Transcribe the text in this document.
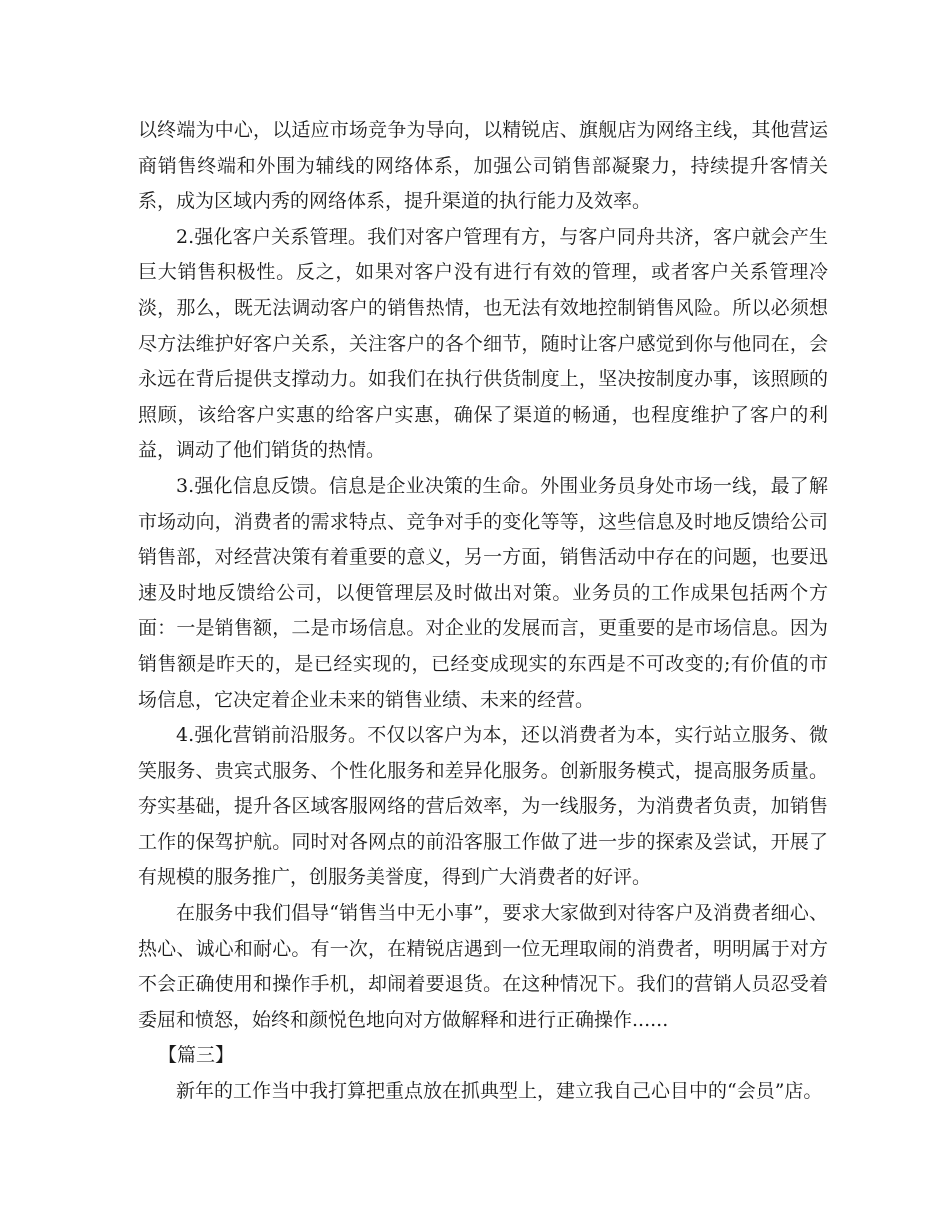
以终端为中心，以适应市场竞争为导向，以精锐店、旗舰店为网络主线，其他营运商销售终端和外围为辅线的网络体系，加强公司销售部凝聚力，持续提升客情关系，成为区域内秀的网络体系，提升渠道的执行能力及效率。

2.强化客户关系管理。我们对客户管理有方，与客户同舟共济，客户就会产生巨大销售积极性。反之，如果对客户没有进行有效的管理，或者客户关系管理冷淡，那么，既无法调动客户的销售热情，也无法有效地控制销售风险。所以必须想尽方法维护好客户关系，关注客户的各个细节，随时让客户感觉到你与他同在，会永远在背后提供支撑动力。如我们在执行供货制度上，坚决按制度办事，该照顾的照顾，该给客户实惠的给客户实惠，确保了渠道的畅通，也程度维护了客户的利益，调动了他们销货的热情。

3.强化信息反馈。信息是企业决策的生命。外围业务员身处市场一线，最了解市场动向，消费者的需求特点、竞争对手的变化等等，这些信息及时地反馈给公司销售部，对经营决策有着重要的意义，另一方面，销售活动中存在的问题，也要迅速及时地反馈给公司，以便管理层及时做出对策。业务员的工作成果包括两个方面：一是销售额，二是市场信息。对企业的发展而言，更重要的是市场信息。因为销售额是昨天的，是已经实现的，已经变成现实的东西是不可改变的;有价值的市场信息，它决定着企业未来的销售业绩、未来的经营。

4.强化营销前沿服务。不仅以客户为本，还以消费者为本，实行站立服务、微笑服务、贵宾式服务、个性化服务和差异化服务。创新服务模式，提高服务质量。夯实基础，提升各区域客服网络的营后效率，为一线服务，为消费者负责，加销售工作的保驾护航。同时对各网点的前沿客服工作做了进一步的探索及尝试，开展了有规模的服务推广，创服务美誉度，得到广大消费者的好评。

在服务中我们倡导“销售当中无小事”，要求大家做到对待客户及消费者细心、热心、诚心和耐心。有一次，在精锐店遇到一位无理取闹的消费者，明明属于对方不会正确使用和操作手机，却闹着要退货。在这种情况下。我们的营销人员忍受着委屈和愤怒，始终和颜悦色地向对方做解释和进行正确操作......

【篇三】

新年的工作当中我打算把重点放在抓典型上，建立我自己心目中的“会员”店。
